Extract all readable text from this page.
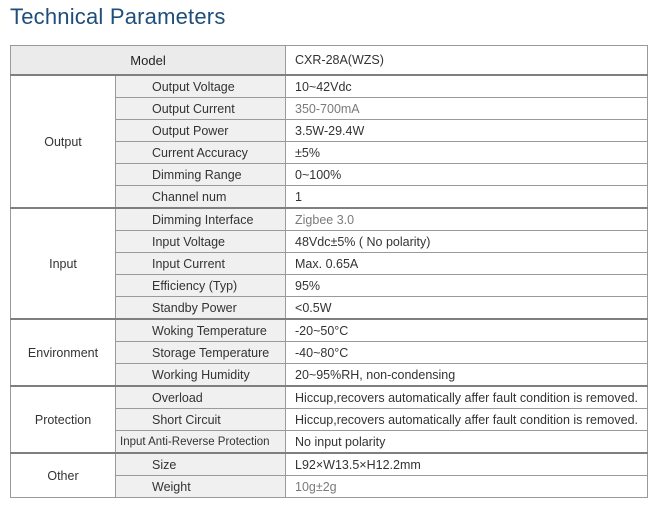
Technical Parameters
Model		CXR-28A(WZS)
Output	Output Voltage	10~42Vdc
	Output Current	350-700mA
	Output Power	3.5W-29.4W
	Current Accuracy	±5%
	Dimming Range	0~100%
	Channel num	1
Input	Dimming Interface	Zigbee 3.0
	Input Voltage	48Vdc±5% ( No polarity)
	Input Current	Max. 0.65A
	Efficiency (Typ)	95%
	Standby Power	<0.5W
Environment	Woking Temperature	-20~50°C
	Storage Temperature	-40~80°C
	Working Humidity	20~95%RH, non-condensing
Protection	Overload	Hiccup,recovers automatically affer fault condition is removed.
	Short Circuit	Hiccup,recovers automatically affer fault condition is removed.
	Input Anti-Reverse Protection	No input polarity
Other	Size	L92×W13.5×H12.2mm
	Weight	10g±2g
